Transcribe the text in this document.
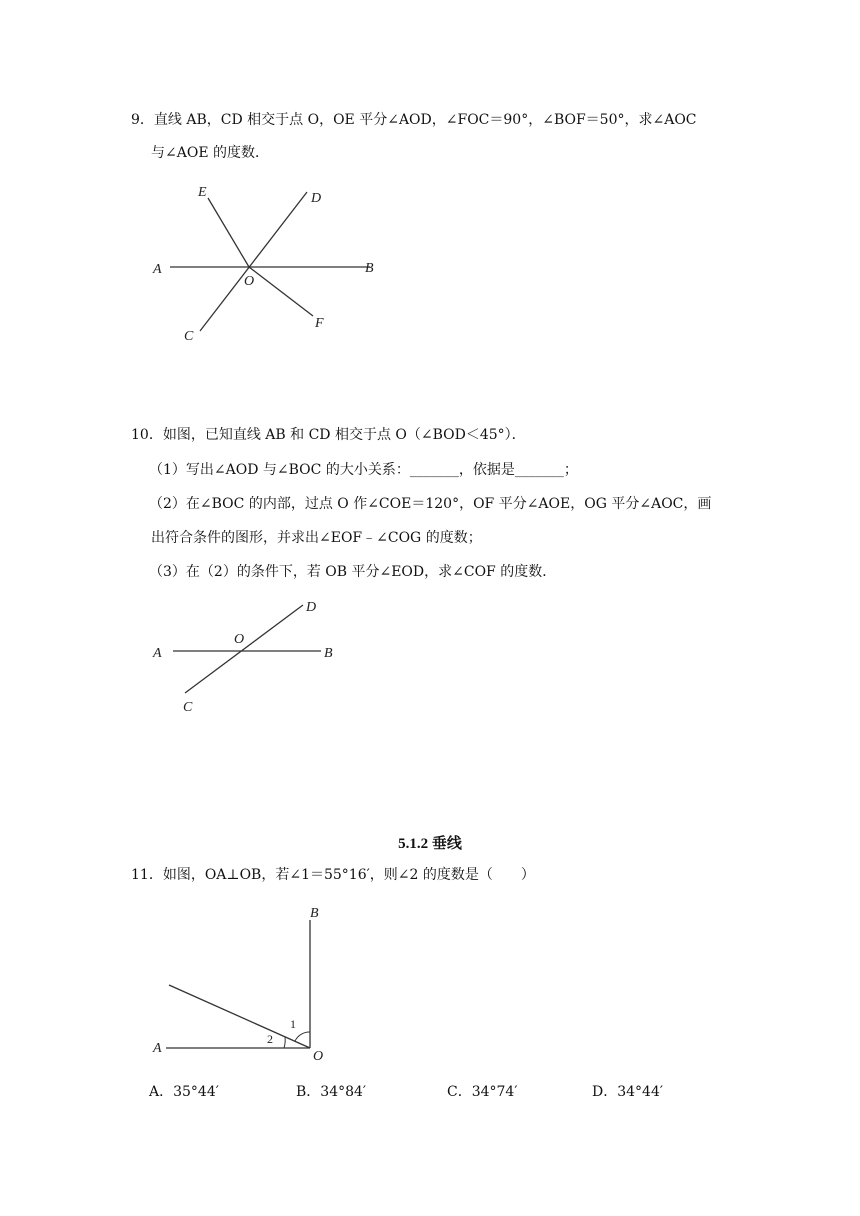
9．直线 AB，CD 相交于点 O，OE 平分∠AOD，∠FOC＝90°，∠BOF＝50°，求∠AOC
与∠AOE 的度数．
E	D
A
O
B
C
F
10．如图，已知直线 AB 和 CD 相交于点 O（∠BOD＜45°）．
（1）写出∠AOD 与∠BOC 的大小关系：_______，依据是_______；
（2）在∠BOC 的内部，过点 O 作∠COE＝120°，OF 平分∠AOE，OG 平分∠AOC，画
出符合条件的图形，并求出∠EOF﹣∠COG 的度数；
（3）在（2）的条件下，若 OB 平分∠EOD，求∠COF 的度数．
D
O
A	B
C
5.1.2 垂线
11．如图，OA⊥OB，若∠1＝55°16′，则∠2 的度数是（　　）
B
A
O
1
2
A．35°44′	B．34°84′	C．34°74′	D．34°44′
